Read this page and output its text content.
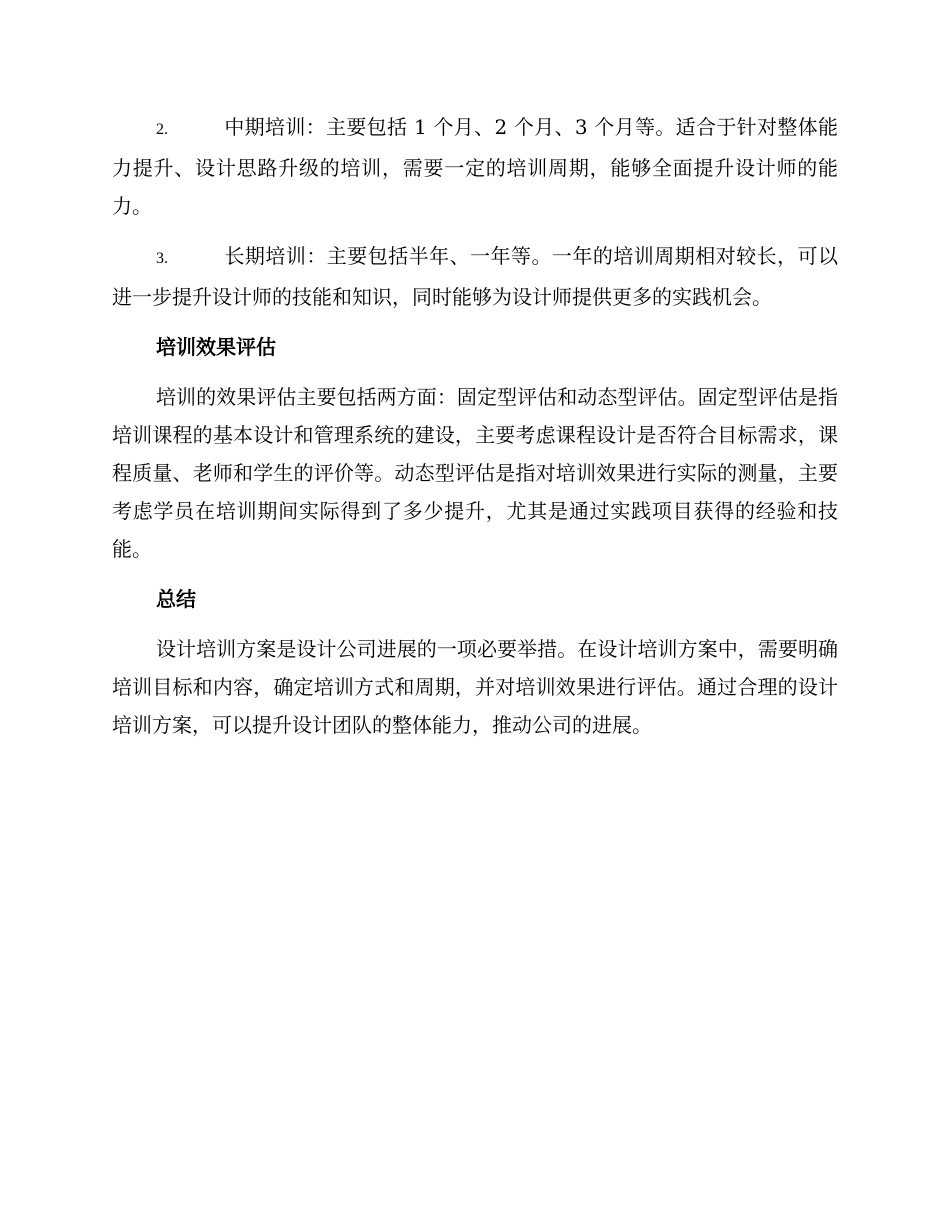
2.	中期培训：主要包括 1 个月、2 个月、3 个月等。适合于针对整体能力提升、设计思路升级的培训，需要一定的培训周期，能够全面提升设计师的能力。

3.	长期培训：主要包括半年、一年等。一年的培训周期相对较长，可以进一步提升设计师的技能和知识，同时能够为设计师提供更多的实践机会。

培训效果评估

培训的效果评估主要包括两方面：固定型评估和动态型评估。固定型评估是指培训课程的基本设计和管理系统的建设，主要考虑课程设计是否符合目标需求，课程质量、老师和学生的评价等。动态型评估是指对培训效果进行实际的测量，主要考虑学员在培训期间实际得到了多少提升，尤其是通过实践项目获得的经验和技能。

总结

设计培训方案是设计公司进展的一项必要举措。在设计培训方案中，需要明确培训目标和内容，确定培训方式和周期，并对培训效果进行评估。通过合理的设计培训方案，可以提升设计团队的整体能力，推动公司的进展。
